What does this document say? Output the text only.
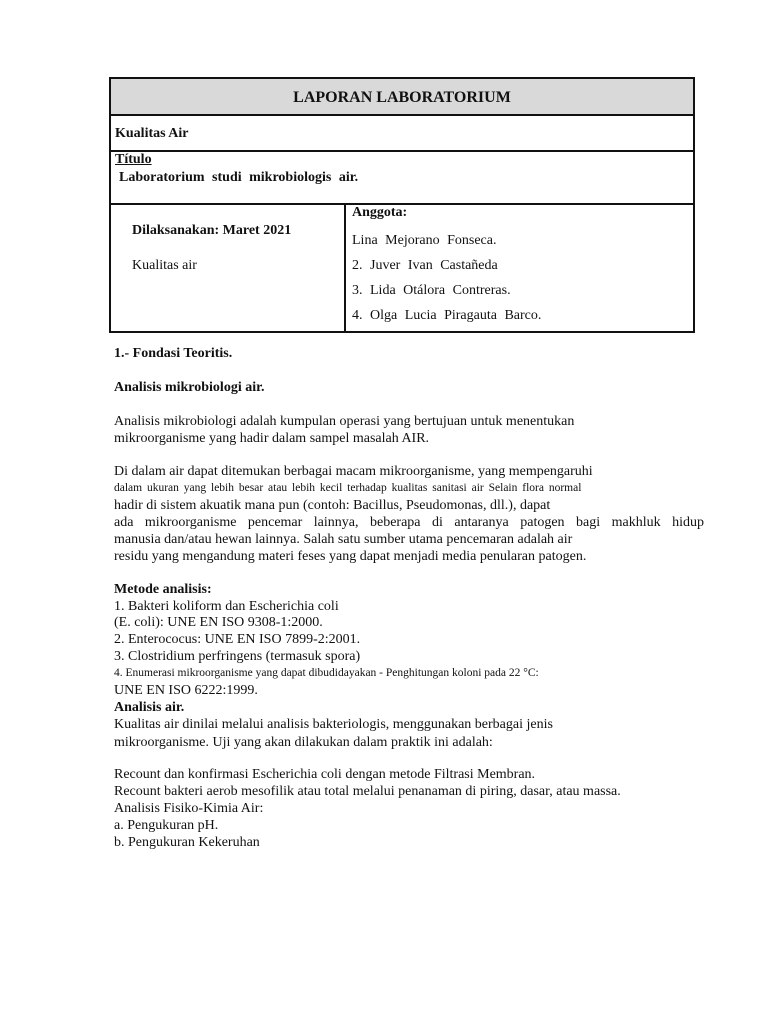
LAPORAN LABORATORIUM
Kualitas Air
Título
Laboratorium studi mikrobiologis air.
Dilaksanakan: Maret 2021
Kualitas air
Anggota:
Lina Mejorano Fonseca.
2. Juver Ivan Castañeda
3. Lida Otálora Contreras.
4. Olga Lucia Piragauta Barco.
1.- Fondasi Teoritis.
Analisis mikrobiologi air.
Analisis mikrobiologi adalah kumpulan operasi yang bertujuan untuk menentukan
mikroorganisme yang hadir dalam sampel masalah AIR.
Di dalam air dapat ditemukan berbagai macam mikroorganisme, yang mempengaruhi
dalam ukuran yang lebih besar atau lebih kecil terhadap kualitas sanitasi air Selain flora normal
hadir di sistem akuatik mana pun (contoh: Bacillus, Pseudomonas, dll.), dapat
ada mikroorganisme pencemar lainnya, beberapa di antaranya patogen bagi makhluk hidup
manusia dan/atau hewan lainnya. Salah satu sumber utama pencemaran adalah air
residu yang mengandung materi feses yang dapat menjadi media penularan patogen.
Metode analisis:
1. Bakteri koliform dan Escherichia coli
(E. coli): UNE EN ISO 9308-1:2000.
2. Enterococus: UNE EN ISO 7899-2:2001.
3. Clostridium perfringens (termasuk spora)
4. Enumerasi mikroorganisme yang dapat dibudidayakan - Penghitungan koloni pada 22 °C:
UNE EN ISO 6222:1999.
Analisis air.
Kualitas air dinilai melalui analisis bakteriologis, menggunakan berbagai jenis
mikroorganisme. Uji yang akan dilakukan dalam praktik ini adalah:
Recount dan konfirmasi Escherichia coli dengan metode Filtrasi Membran.
Recount bakteri aerob mesofilik atau total melalui penanaman di piring, dasar, atau massa.
Analisis Fisiko-Kimia Air:
a. Pengukuran pH.
b. Pengukuran Kekeruhan
